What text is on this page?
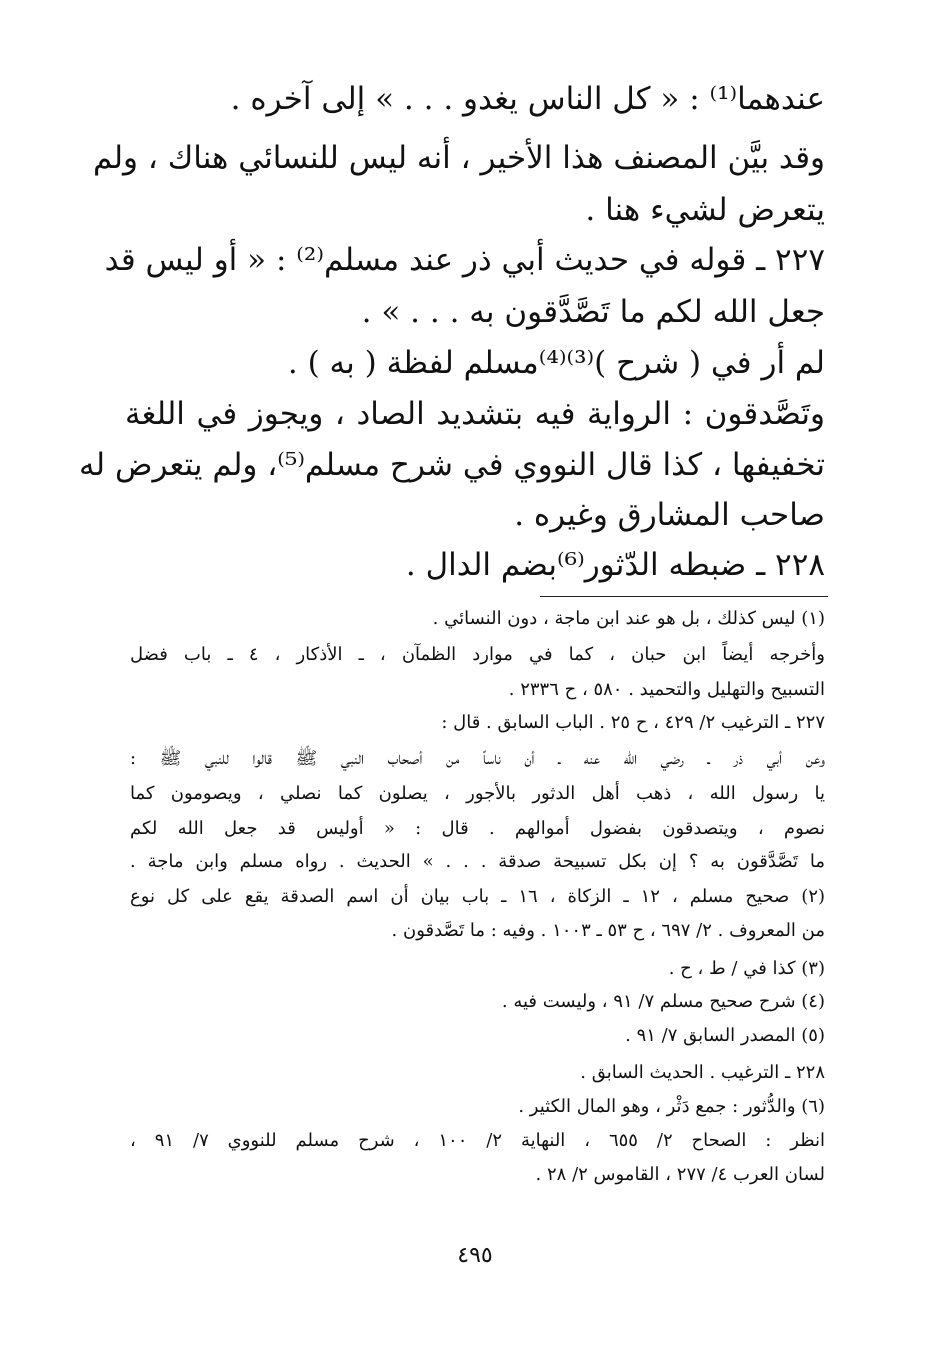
عندهما⁽¹⁾ : « كل الناس يغدو . . . » إلى آخره .
وقد بيَّن المصنف هذا الأخير ، أنه ليس للنسائي هناك ، ولم
يتعرض لشيء هنا .
٢٢٧ ـ قوله في حديث أبي ذر عند مسلم⁽²⁾ : « أو ليس قد
جعل الله لكم ما تَصَّدَّقون به . . . » .
لم أر في ( شرح )⁽³⁾⁽⁴⁾مسلم لفظة ( به ) .
وتَصَّدقون : الرواية فيه بتشديد الصاد ، ويجوز في اللغة
تخفيفها ، كذا قال النووي في شرح مسلم⁽⁵⁾، ولم يتعرض له
صاحب المشارق وغيره .
٢٢٨ ـ ضبطه الدّثور⁽⁶⁾بضم الدال .
(١) ليس كذلك ، بل هو عند ابن ماجة ، دون النسائي .
وأخرجه أيضاً ابن حبان ، كما في موارد الظمآن ، ـ الأذكار ، ٤ ـ باب فضل
التسبيح والتهليل والتحميد . ٥٨٠ ، ح ٢٣٣٦ .
٢٢٧ ـ الترغيب ٢/ ٤٢٩ ، ح ٢٥ . الباب السابق . قال :
وعن أبي ذر ـ رضي الله عنه ـ أن ناساً من أصحاب النبي ﷺ قالوا للنبي ﷺ :
يا رسول الله ، ذهب أهل الدثور بالأجور ، يصلون كما نصلي ، ويصومون كما
نصوم ، ويتصدقون بفضول أموالهم . قال : « أوليس قد جعل الله لكم
ما تَصَّدَّقون به ؟ إن بكل تسبيحة صدقة . . . » الحديث . رواه مسلم وابن ماجة .
(٢) صحيح مسلم ، ١٢ ـ الزكاة ، ١٦ ـ باب بيان أن اسم الصدقة يقع على كل نوع
من المعروف . ٢/ ٦٩٧ ، ح ٥٣ ـ ١٠٠٣ . وفيه : ما تَصَّدقون .
(٣) كذا في / ط ، ح .
(٤) شرح صحيح مسلم ٧/ ٩١ ، وليست فيه .
(٥) المصدر السابق ٧/ ٩١ .
٢٢٨ ـ الترغيب . الحديث السابق .
(٦) والدُّثور : جمع دَثْر ، وهو المال الكثير .
انظر : الصحاح ٢/ ٦٥٥ ، النهاية ٢/ ١٠٠ ، شرح مسلم للنووي ٧/ ٩١ ،
لسان العرب ٤/ ٢٧٧ ، القاموس ٢/ ٢٨ .
٤٩٥
